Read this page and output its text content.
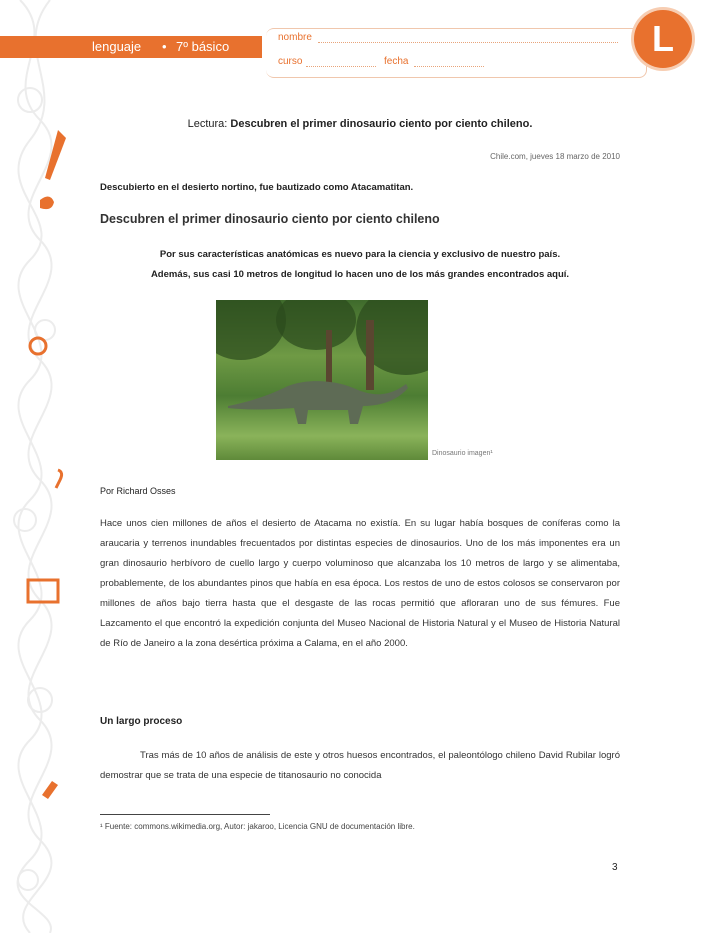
lenguaje • 7º básico
nombre
curso	fecha
L
Lectura: Descubren el primer dinosaurio ciento por ciento chileno.
Chile.com, jueves 18 marzo de 2010
Descubierto en el desierto nortino, fue bautizado como Atacamatitan.
Descubren el primer dinosaurio ciento por ciento chileno
Por sus características anatómicas es nuevo para la ciencia y exclusivo de nuestro país.
Además, sus casi 10 metros de longitud lo hacen uno de los más grandes encontrados aquí.
Dinosaurio imagen¹
Por Richard Osses
Hace unos cien millones de años el desierto de Atacama no existía. En su lugar había bosques de coníferas como la araucaria y terrenos inundables frecuentados por distintas especies de dinosaurios. Uno de los más imponentes era un gran dinosaurio herbívoro de cuello largo y cuerpo voluminoso que alcanzaba los 10 metros de largo y se alimentaba, probablemente, de los abundantes pinos que había en esa época. Los restos de uno de estos colosos se conservaron por millones de años bajo tierra hasta que el desgaste de las rocas permitió que afloraran uno de sus fémures. Fue Lazcamento el que encontró la expedición conjunta del Museo Nacional de Historia Natural y el Museo de Historia Natural de Río de Janeiro a la zona desértica próxima a Calama, en el año 2000.
Un largo proceso
Tras más de 10 años de análisis de este y otros huesos encontrados, el paleontólogo chileno David Rubilar logró demostrar que se trata de una especie de titanosaurio no conocida
¹ Fuente: commons.wikimedia.org, Autor: jakaroo, Licencia GNU de documentación libre.
3
